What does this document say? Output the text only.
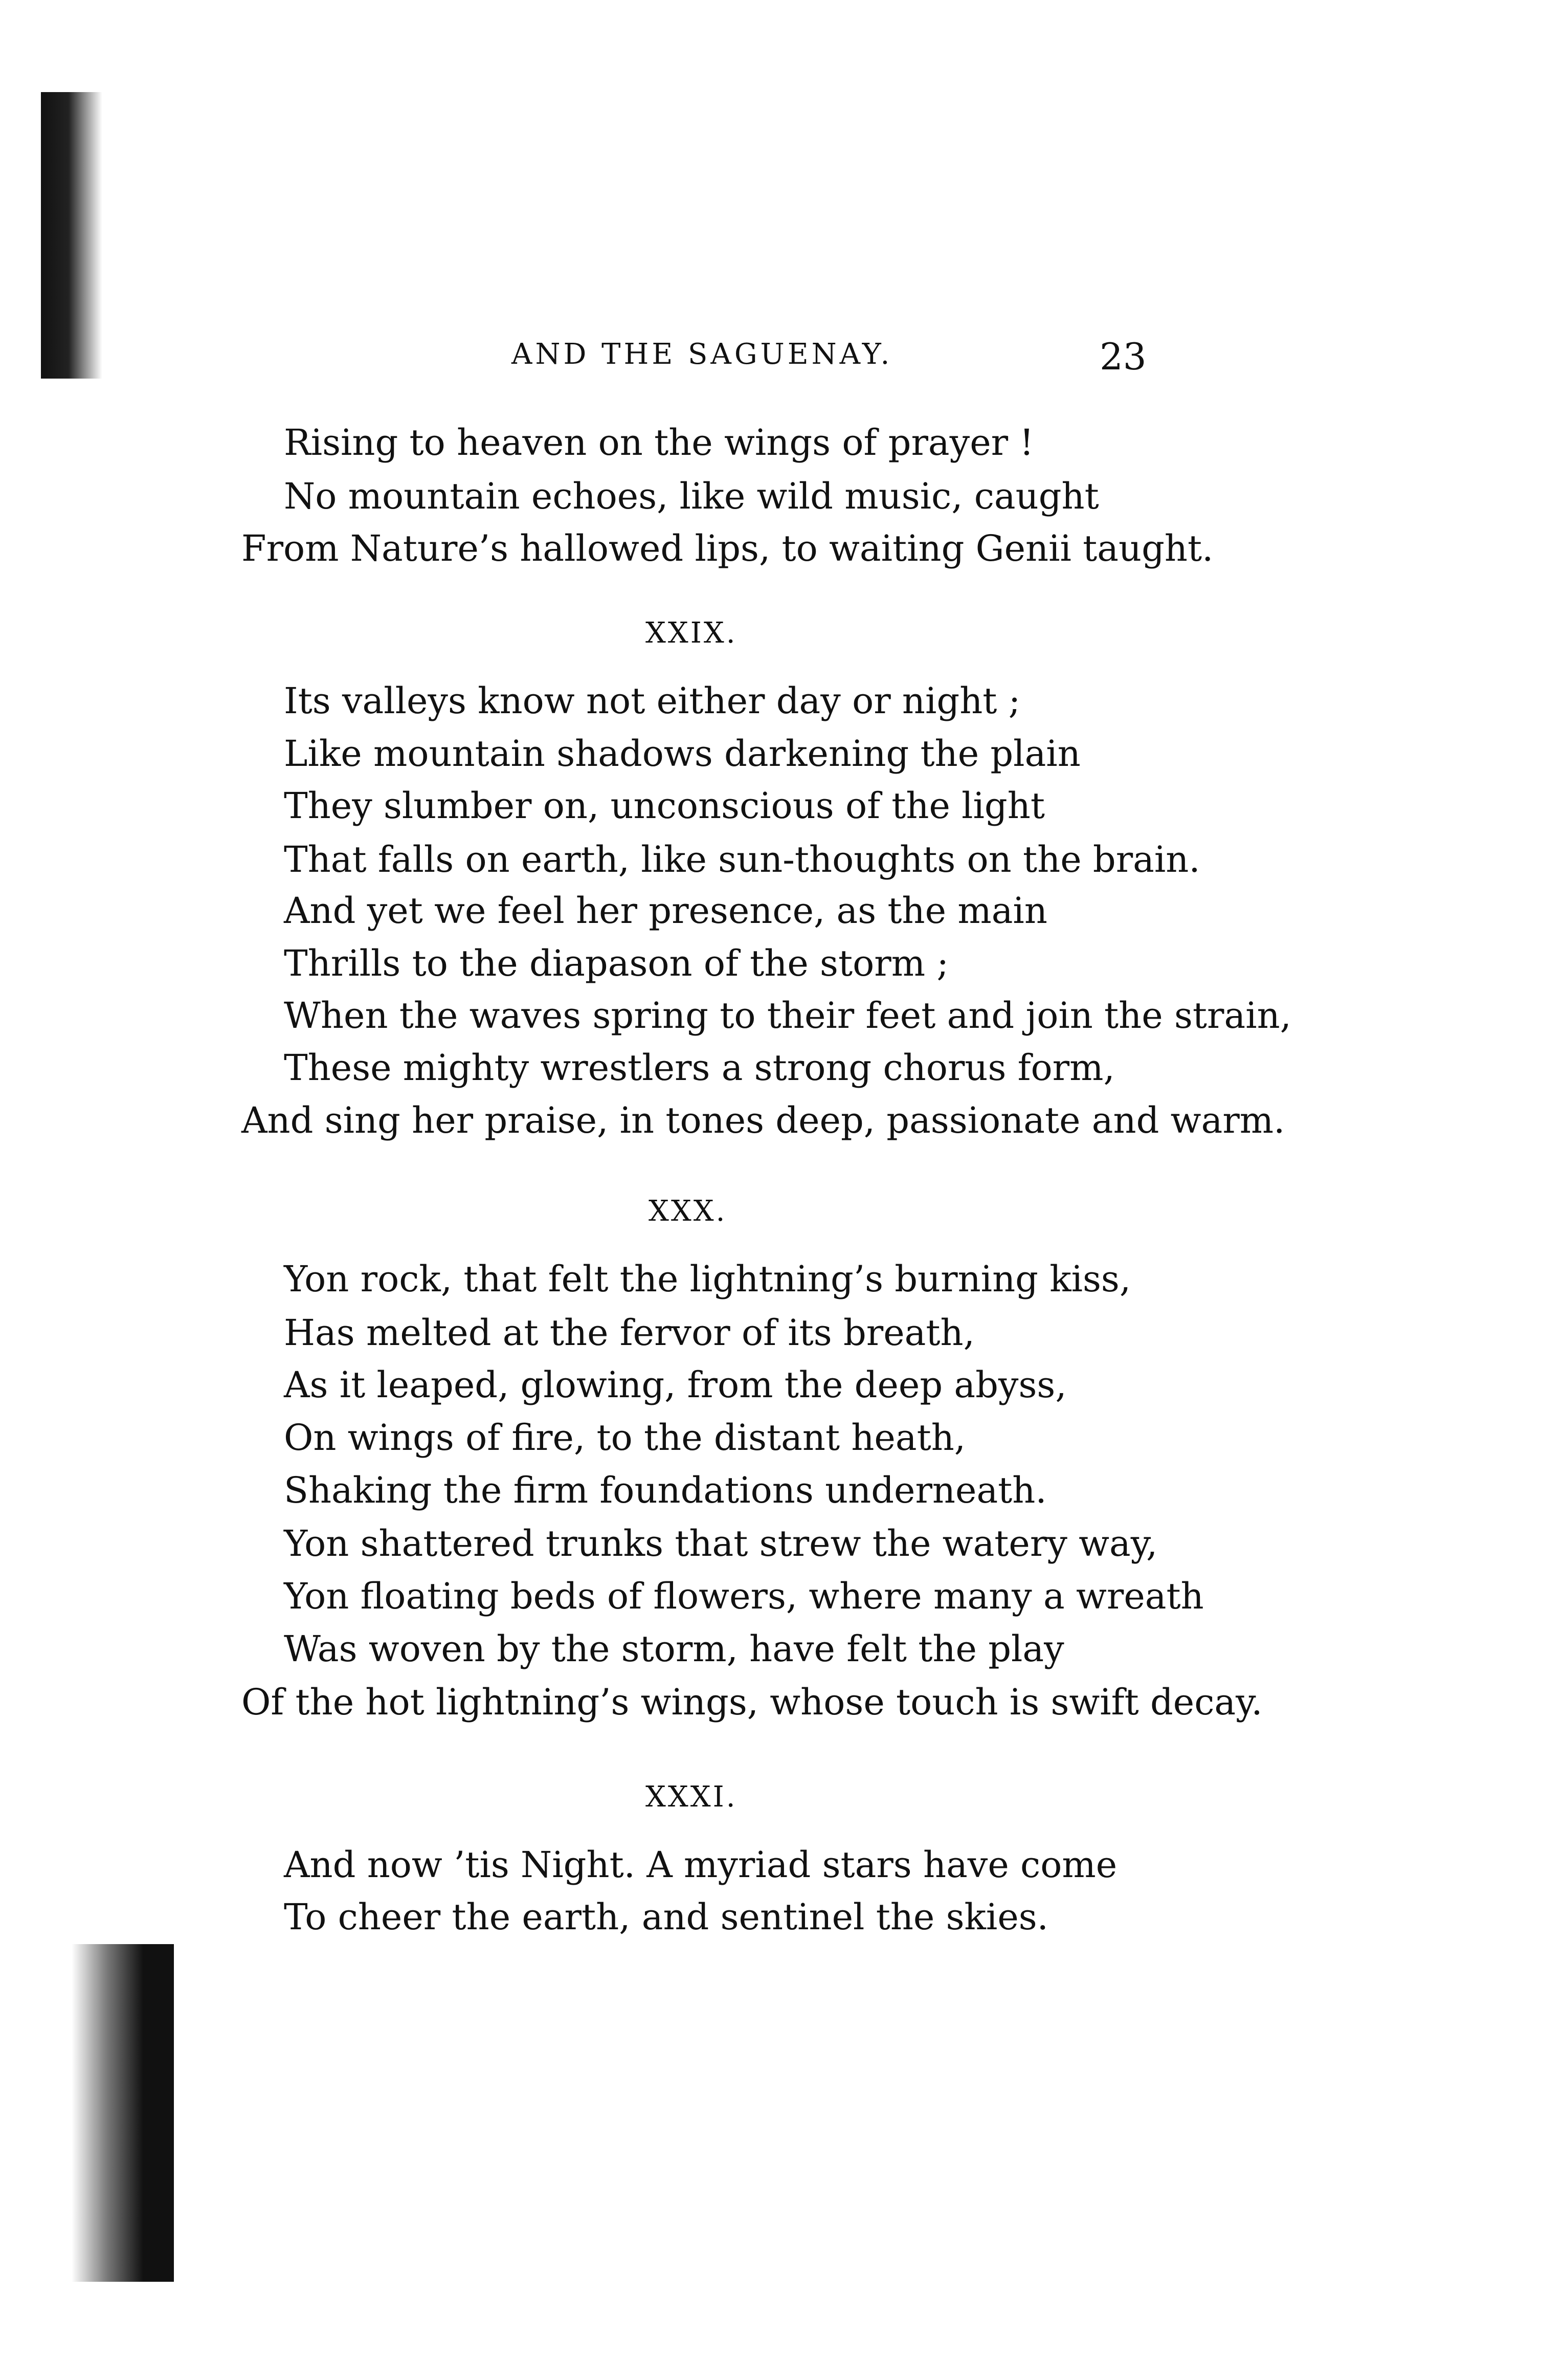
AND THE SAGUENAY.	23
Rising to heaven on the wings of prayer !
No mountain echoes, like wild music, caught
From Nature’s hallowed lips, to waiting Genii taught.
XXIX.
Its valleys know not either day or night ;
Like mountain shadows darkening the plain
They slumber on, unconscious of the light
That falls on earth, like sun-thoughts on the brain.
And yet we feel her presence, as the main
Thrills to the diapason of the storm ;
When the waves spring to their feet and join the strain,
These mighty wrestlers a strong chorus form,
And sing her praise, in tones deep, passionate and warm.
XXX.
Yon rock, that felt the lightning’s burning kiss,
Has melted at the fervor of its breath,
As it leaped, glowing, from the deep abyss,
On wings of fire, to the distant heath,
Shaking the firm foundations underneath.
Yon shattered trunks that strew the watery way,
Yon floating beds of flowers, where many a wreath
Was woven by the storm, have felt the play
Of the hot lightning’s wings, whose touch is swift decay.
XXXI.
And now ’tis Night. A myriad stars have come
To cheer the earth, and sentinel the skies.
